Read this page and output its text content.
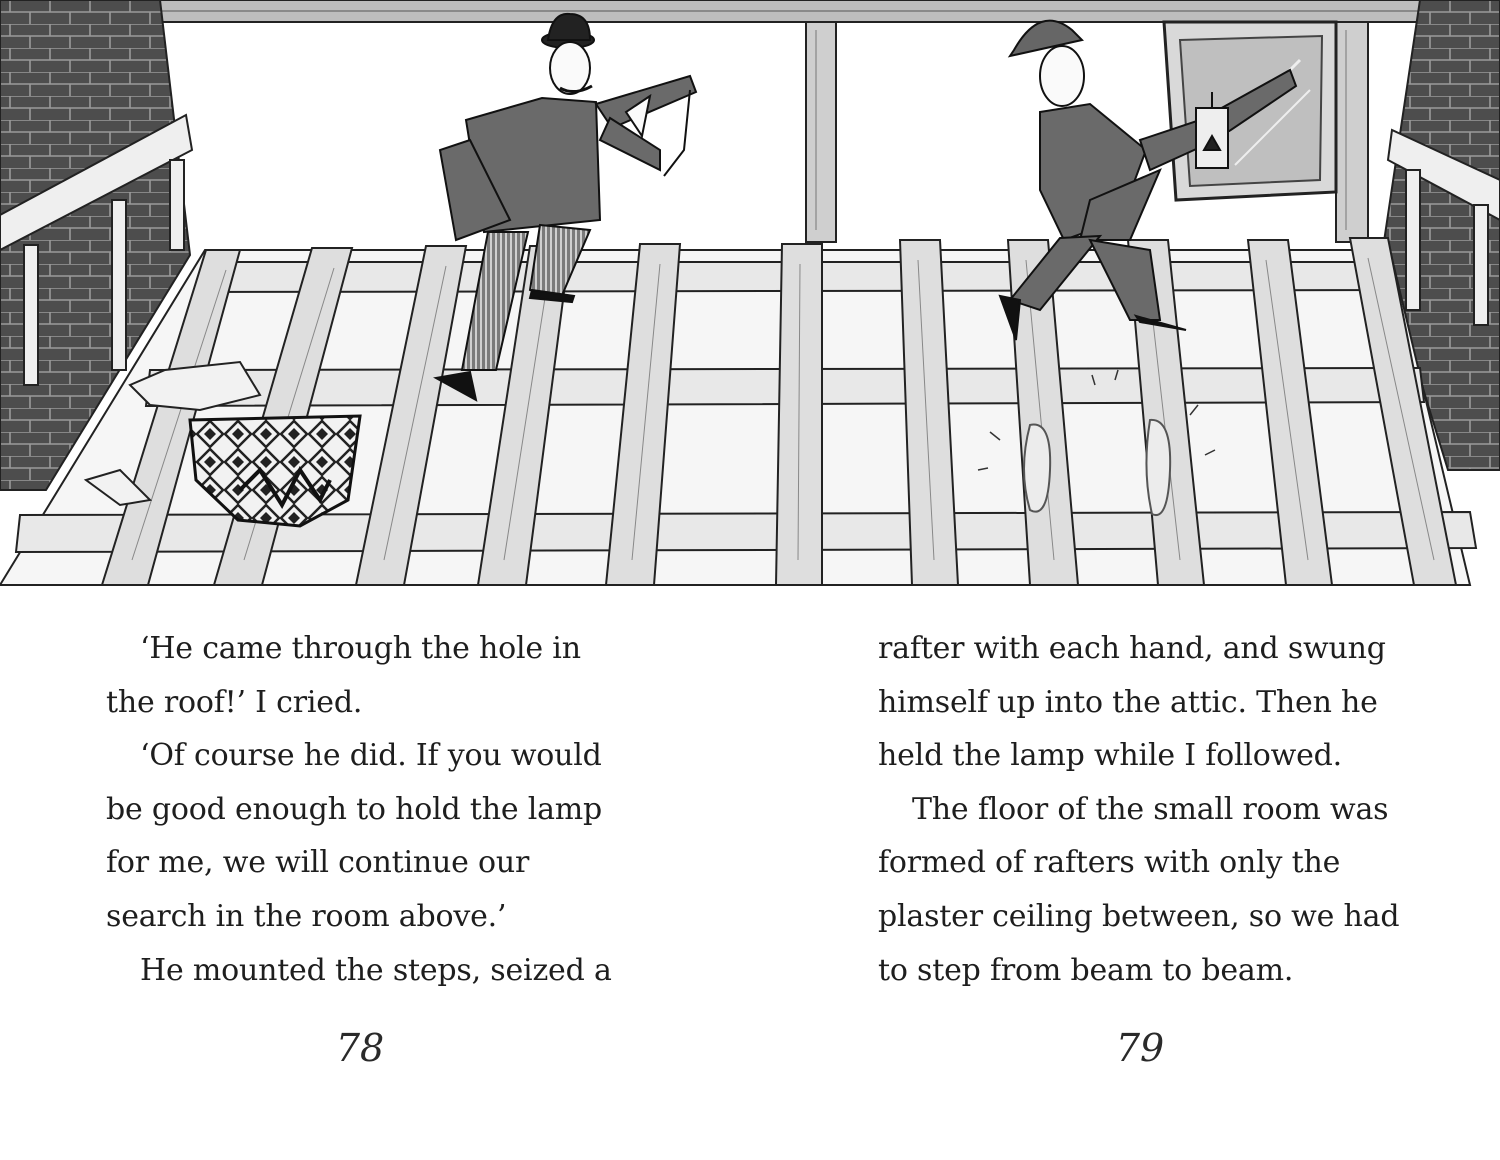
‘He came through the hole in
the roof!’ I cried.
‘Of course he did. If you would
be good enough to hold the lamp
for me, we will continue our
search in the room above.’
He mounted the steps, seized a
rafter with each hand, and swung
himself up into the attic. Then he
held the lamp while I followed.
The floor of the small room was
formed of rafters with only the
plaster ceiling between, so we had
to step from beam to beam.
78	79
